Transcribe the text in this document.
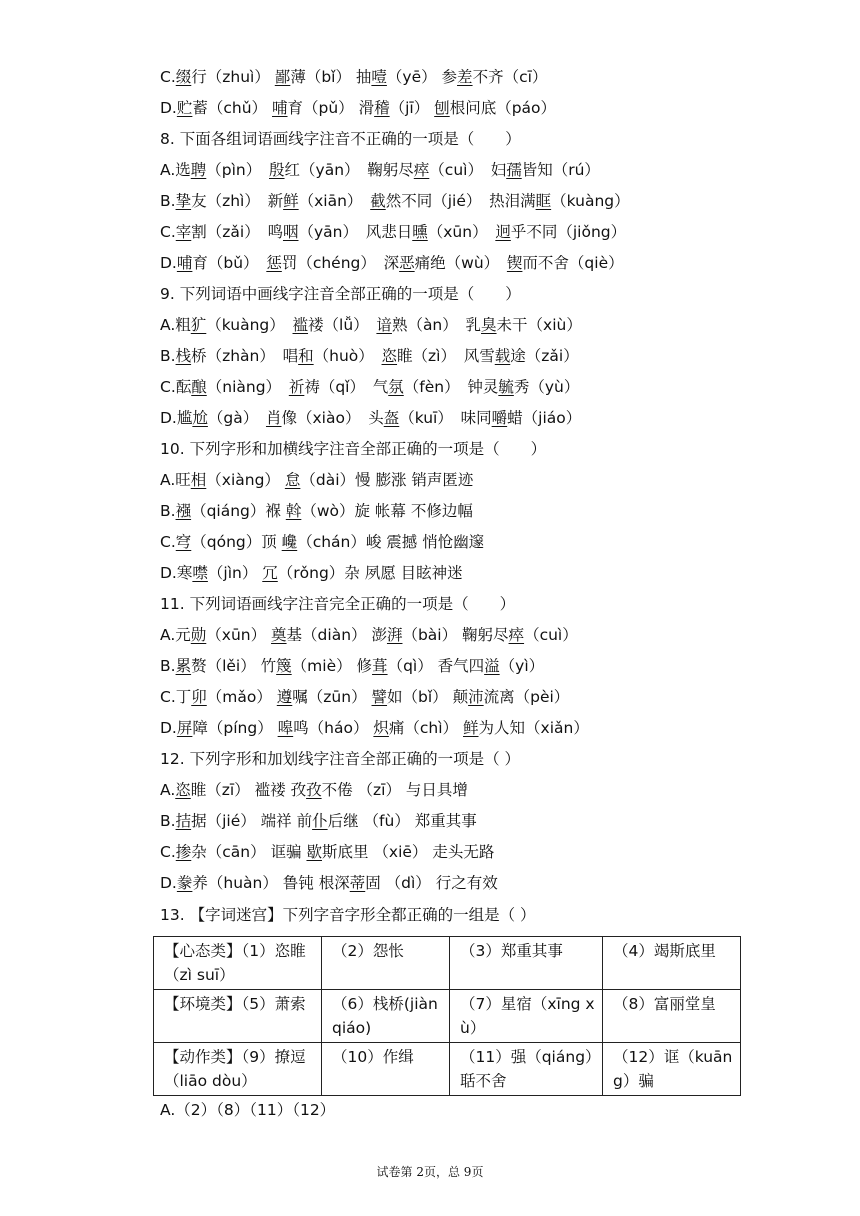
C.缀行（zhuì） 鄙薄（bǐ） 抽噎（yē） 参差不齐（cī）
D.贮蓄（chǔ） 哺育（pǔ） 滑稽（jī） 刨根问底（páo）
8. 下面各组词语画线字注音不正确的一项是（　　）
A.选聘（pìn）　殷红（yān）　鞠躬尽瘁（cuì）　妇孺皆知（rú）
B.挚友（zhì）　新鲜（xiān）　截然不同（jié）　热泪满眶（kuàng）
C.宰割（zǎi）　鸣咽（yān）　风悲日曛（xūn）　迥乎不同（jiǒng）
D.哺育（bǔ）　惩罚（chéng）　深恶痛绝（wù）　锲而不舍（qiè）
9. 下列词语中画线字注音全部正确的一项是（　　）
A.粗犷（kuàng）　褴褛（lǚ）　谙熟（àn）　乳臭未干（xiù）
B.栈桥（zhàn）　唱和（huò）　恣睢（zì）　风雪载途（zǎi）
C.酝酿（niàng）　祈祷（qǐ）　气氛（fèn）　钟灵毓秀（yù）
D.尴尬（gà）　肖像（xiào）　头盔（kuī）　味同嚼蜡（jiáo）
10. 下列字形和加横线字注音全部正确的一项是（　　）
A.旺相（xiàng） 怠（dài）慢 膨涨 销声匿迹
B.襁（qiáng）褓 斡（wò）旋 帐幕 不修边幅
C.穹（qóng）顶 巉（chán）峻 震撼 悄怆幽邃
D.寒噤（jìn） 冗（rǒng）杂 夙愿 目眩神迷
11. 下列词语画线字注音完全正确的一项是（　　）
A.元勋（xūn） 奠基（diàn） 澎湃（bài） 鞠躬尽瘁（cuì）
B.累赘（lěi） 竹篾（miè） 修葺（qì） 香气四溢（yì）
C.丁卯（mǎo） 遵嘱（zūn） 譬如（bǐ） 颠沛流离（pèi）
D.屏障（píng） 嗥鸣（háo） 炽痛（chì） 鲜为人知（xiǎn）
12. 下列字形和加划线字注音全部正确的一项是（ ）
A.恣睢（zī） 褴褛 孜孜不倦 （zī） 与日具增
B.拮据（jié） 端祥 前仆后继 （fù） 郑重其事
C.掺杂（cān） 诓骗 歇斯底里 （xiē） 走头无路
D.豢养（huàn） 鲁钝 根深蒂固 （dì） 行之有效
13. 【字词迷宫】下列字音字形全都正确的一组是（ ）
A.（2）（8）（11）（12）
【心态类】（1）恣睢（zì suī）	（2）怨怅	（3）郑重其事	（4）竭斯底里
【环境类】（5）萧索	（6）栈桥(jiàn qiáo)	（7）星宿（xīng xù）	（8）富丽堂皇
【动作类】（9）撩逗（liāo dòu）	（10）作缉	（11）强（qiáng）聒不舍	（12）诓（kuāng）骗
试卷第 2页，总 9页
